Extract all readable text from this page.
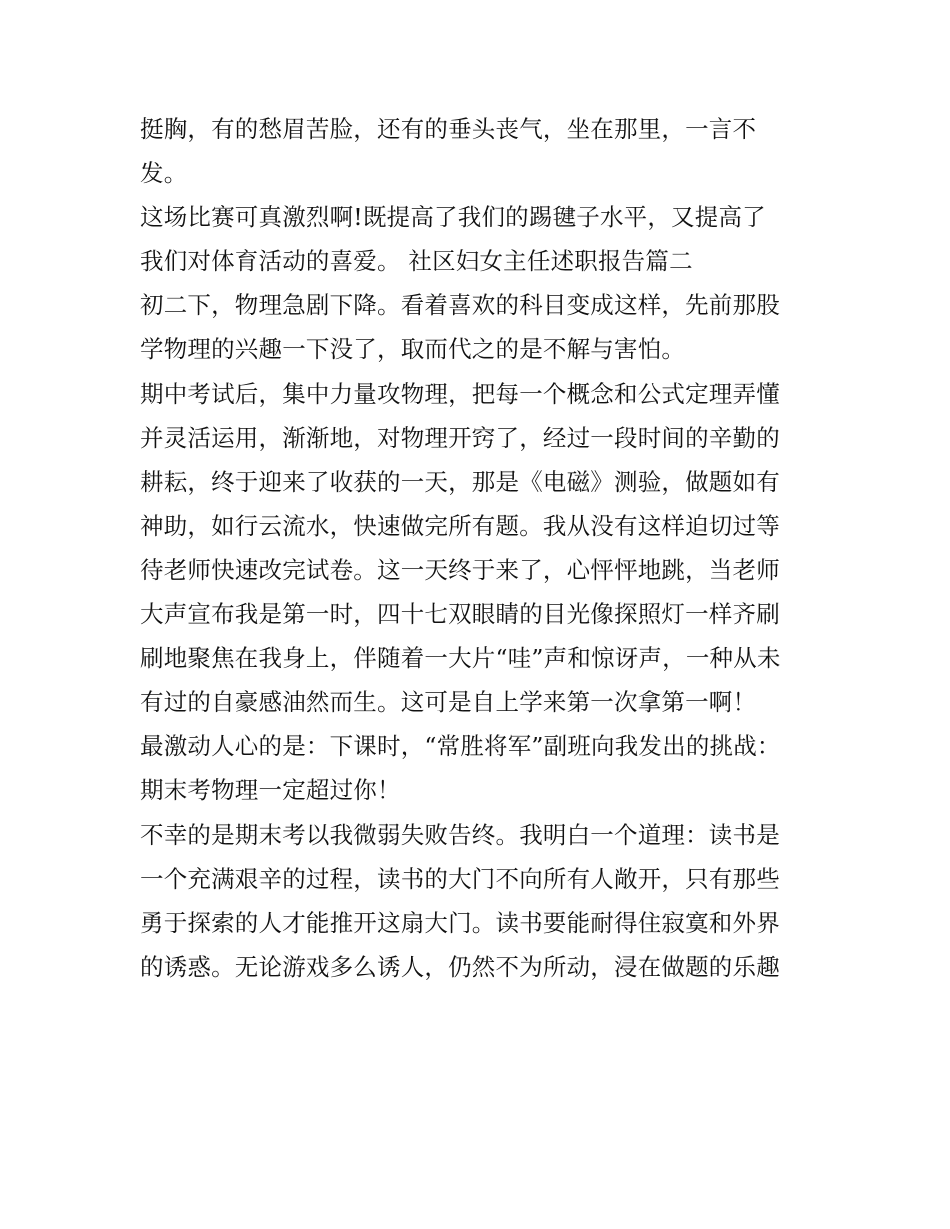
挺胸，有的愁眉苦脸，还有的垂头丧气，坐在那里，一言不
发。
这场比赛可真激烈啊!既提高了我们的踢毽子水平，又提高了
我们对体育活动的喜爱。 社区妇女主任述职报告篇二
初二下，物理急剧下降。看着喜欢的科目变成这样，先前那股
学物理的兴趣一下没了，取而代之的是不解与害怕。
期中考试后，集中力量攻物理，把每一个概念和公式定理弄懂
并灵活运用，渐渐地，对物理开窍了，经过一段时间的辛勤的
耕耘，终于迎来了收获的一天，那是《电磁》测验，做题如有
神助，如行云流水，快速做完所有题。我从没有这样迫切过等
待老师快速改完试卷。这一天终于来了，心怦怦地跳，当老师
大声宣布我是第一时，四十七双眼睛的目光像探照灯一样齐刷
刷地聚焦在我身上，伴随着一大片“哇”声和惊讶声，一种从未
有过的自豪感油然而生。这可是自上学来第一次拿第一啊！
最激动人心的是：下课时，“常胜将军”副班向我发出的挑战：
期末考物理一定超过你！
不幸的是期末考以我微弱失败告终。我明白一个道理：读书是
一个充满艰辛的过程，读书的大门不向所有人敞开，只有那些
勇于探索的人才能推开这扇大门。读书要能耐得住寂寞和外界
的诱惑。无论游戏多么诱人，仍然不为所动，浸在做题的乐趣
